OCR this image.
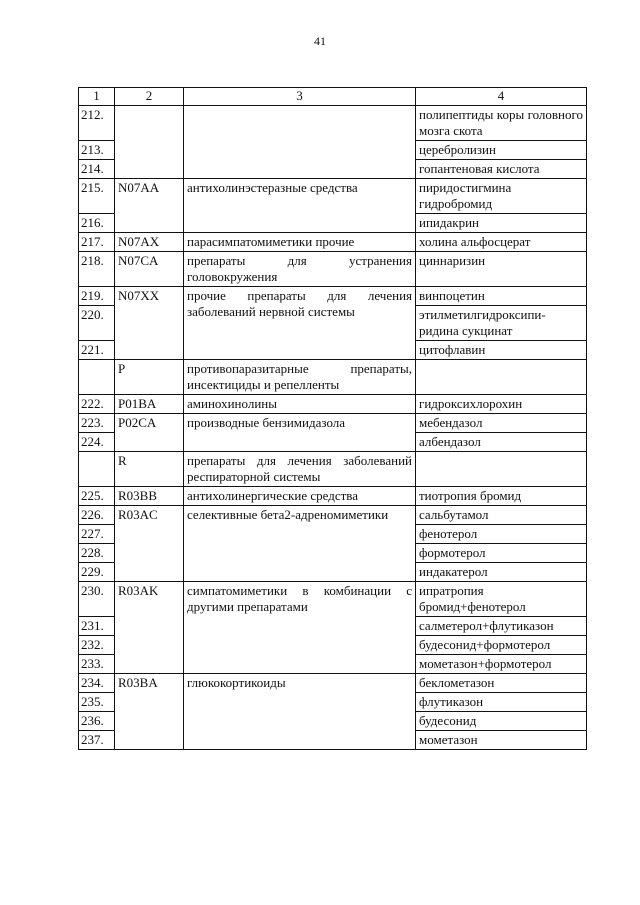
41
1	2	3	4
212.			полипептиды коры головного мозга скота
213.			церебролизин
214.			гопантеновая кислота
215.	N07AA	антихолинэстеразные средства	пиридостигмина гидробромид
216.			ипидакрин
217.	N07AX	парасимпатомиметики прочие	холина альфосцерат
218.	N07CA	препараты для устранения головокружения	циннаризин
219.	N07XX	прочие препараты для лечения заболеваний нервной системы	винпоцетин
220.			этилметилгидроксипи-ридина сукцинат
221.			цитофлавин
	P	противопаразитарные препараты, инсектициды и репелленты	
222.	P01BA	аминохинолины	гидроксихлорохин
223.	P02CA	производные бензимидазола	мебендазол
224.			албендазол
	R	препараты для лечения заболеваний респираторной системы	
225.	R03BB	антихолинергические средства	тиотропия бромид
226.	R03AC	селективные бета2-адреномиметики	сальбутамол
227.			фенотерол
228.			формотерол
229.			индакатерол
230.	R03AK	симпатомиметики в комбинации с другими препаратами	ипратропия бромид+фенотерол
231.			салметерол+флутиказон
232.			будесонид+формотерол
233.			мометазон+формотерол
234.	R03BA	глюкокортикоиды	беклометазон
235.			флутиказон
236.			будесонид
237.			мометазон
